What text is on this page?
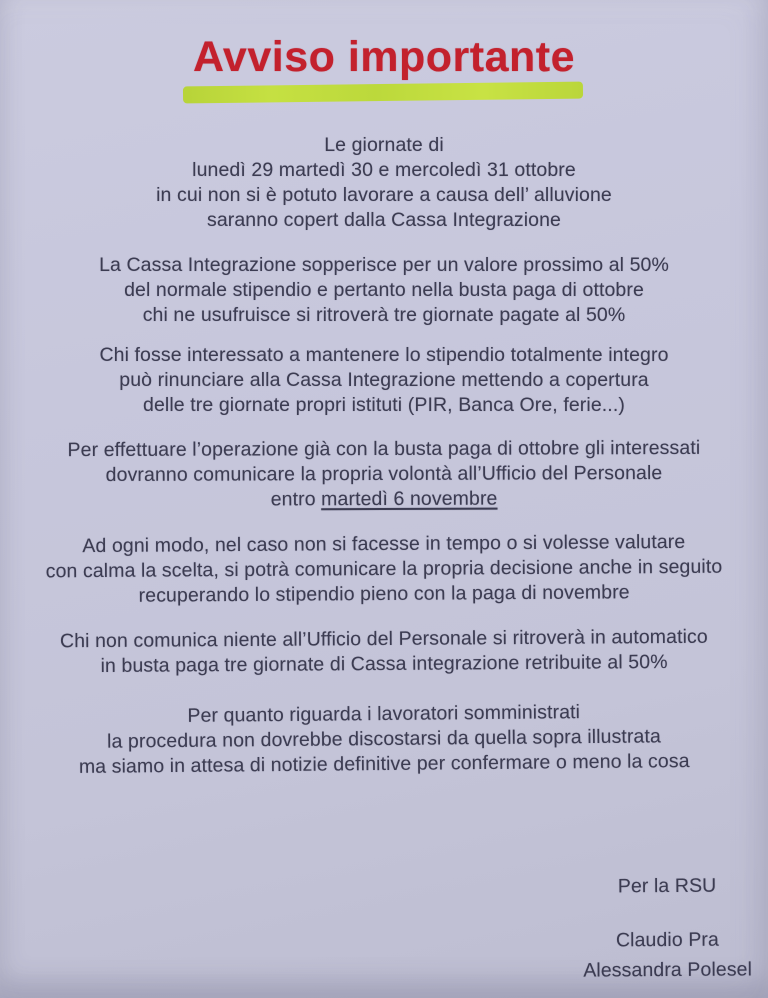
Avviso importante
Le giornate di
lunedì 29 martedì 30 e mercoledì 31 ottobre
in cui non si è potuto lavorare a causa dell’ alluvione
saranno copert dalla Cassa Integrazione
La Cassa Integrazione sopperisce per un valore prossimo al 50%
del normale stipendio e pertanto nella busta paga di ottobre
chi ne usufruisce si ritroverà tre giornate pagate al 50%
Chi fosse interessato a mantenere lo stipendio totalmente integro
può rinunciare alla Cassa Integrazione mettendo a copertura
delle tre giornate propri istituti (PIR, Banca Ore, ferie...)
Per effettuare l’operazione già con la busta paga di ottobre gli interessati
dovranno comunicare la propria volontà all’Ufficio del Personale
entro martedì 6 novembre
Ad ogni modo, nel caso non si facesse in tempo o si volesse valutare
con calma la scelta, si potrà comunicare la propria decisione anche in seguito
recuperando lo stipendio pieno con la paga di novembre
Chi non comunica niente all’Ufficio del Personale si ritroverà in automatico
in busta paga tre giornate di Cassa integrazione retribuite al 50%
Per quanto riguarda i lavoratori somministrati
la procedura non dovrebbe discostarsi da quella sopra illustrata
ma siamo in attesa di notizie definitive per confermare o meno la cosa
Per la RSU
Claudio Pra
Alessandra Polesel
